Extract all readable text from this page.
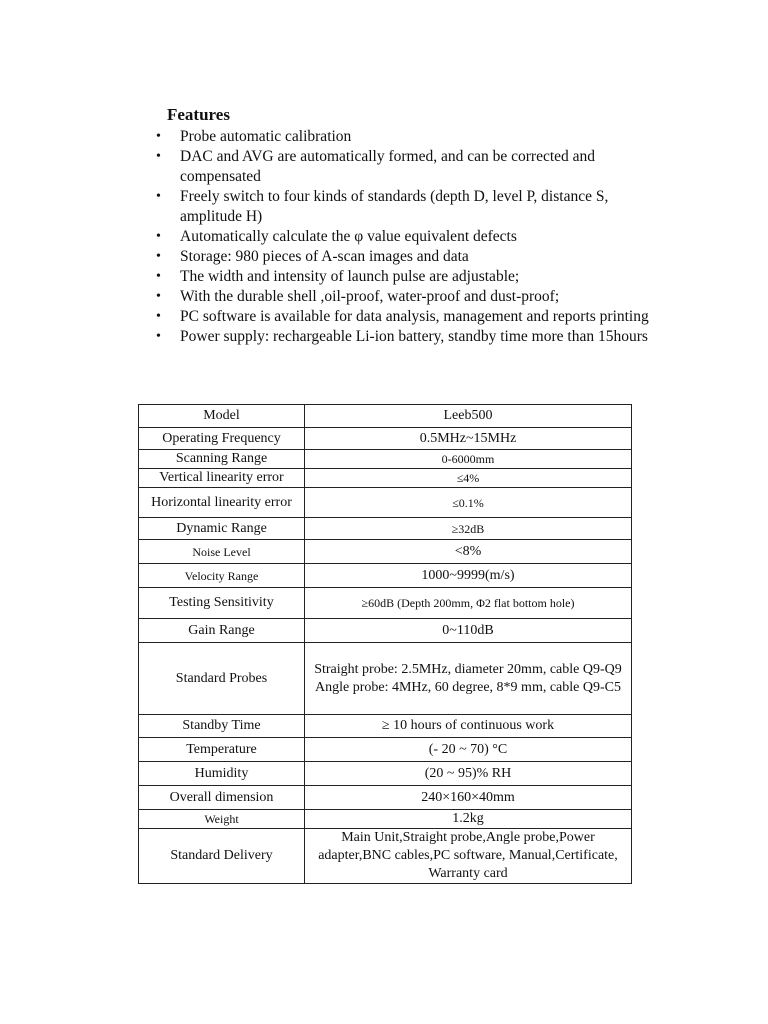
Features
• Probe automatic calibration
• DAC and AVG are automatically formed, and can be corrected and compensated
• Freely switch to four kinds of standards (depth D, level P, distance S, amplitude H)
• Automatically calculate the φ value equivalent defects
• Storage: 980 pieces of A-scan images and data
• The width and intensity of launch pulse are adjustable;
• With the durable shell ,oil-proof, water-proof and dust-proof;
• PC software is available for data analysis, management and reports printing
• Power supply: rechargeable Li-ion battery, standby time more than 15hours
Model	Leeb500
Operating Frequency	0.5MHz~15MHz
Scanning Range	0-6000mm
Vertical linearity error	≤4%
Horizontal linearity error	≤0.1%
Dynamic Range	≥32dB
Noise Level	<8%
Velocity Range	1000~9999(m/s)
Testing Sensitivity	≥60dB (Depth 200mm, Φ2 flat bottom hole)
Gain Range	0~110dB
Standard Probes	Straight probe: 2.5MHz, diameter 20mm, cable Q9-Q9
Angle probe: 4MHz, 60 degree, 8*9 mm, cable Q9-C5

Standby Time	≥ 10 hours of continuous work
Temperature	(- 20 ~ 70) °C
Humidity	(20 ~ 95)% RH
Overall dimension	240×160×40mm
Weight	1.2kg
Standard Delivery	Main Unit,Straight probe,Angle probe,Power adapter,BNC cables,PC software, Manual,Certificate, Warranty card
